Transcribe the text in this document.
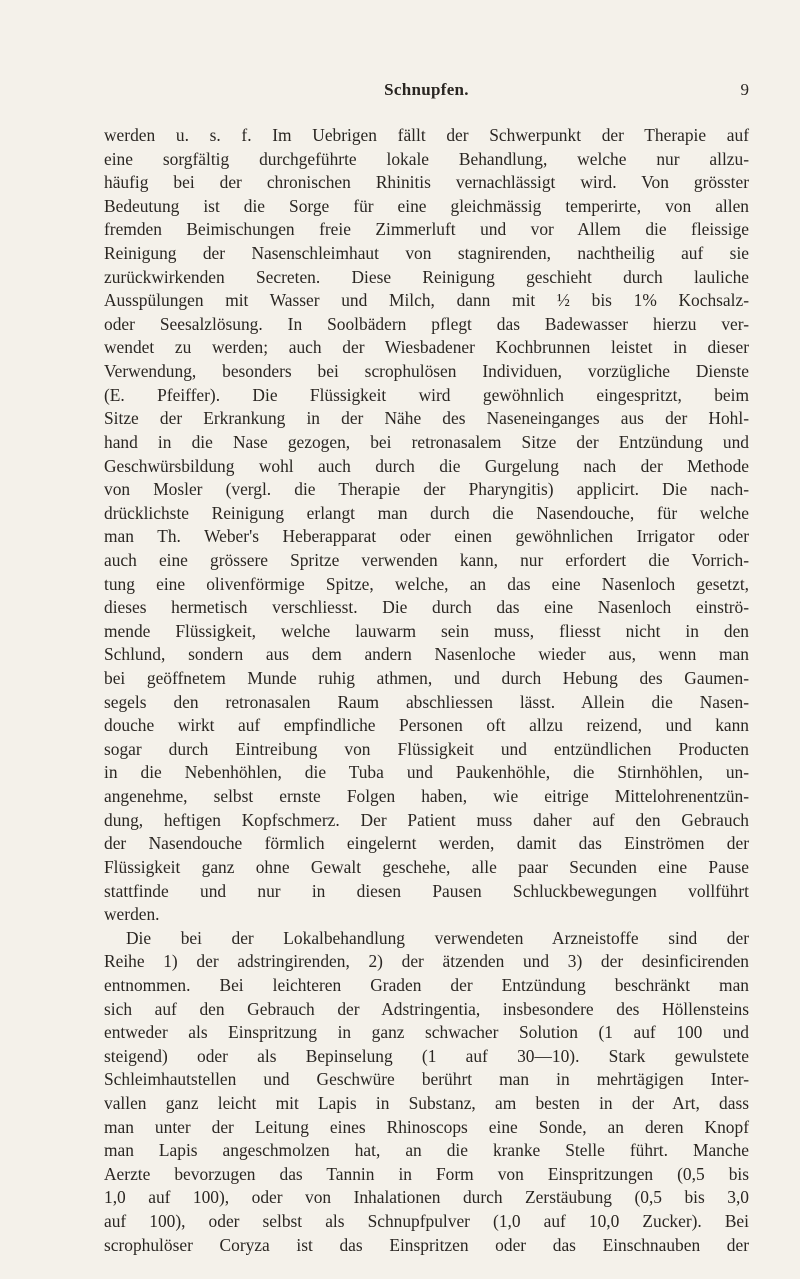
Schnupfen.	9
werden u. s. f. Im Uebrigen fällt der Schwerpunkt der Therapie auf
eine sorgfältig durchgeführte lokale Behandlung, welche nur allzu-
häufig bei der chronischen Rhinitis vernachlässigt wird. Von grösster
Bedeutung ist die Sorge für eine gleichmässig temperirte, von allen
fremden Beimischungen freie Zimmerluft und vor Allem die fleissige
Reinigung der Nasenschleimhaut von stagnirenden, nachtheilig auf sie
zurückwirkenden Secreten. Diese Reinigung geschieht durch lauliche
Ausspülungen mit Wasser und Milch, dann mit ½ bis 1% Kochsalz-
oder Seesalzlösung. In Soolbädern pflegt das Badewasser hierzu ver-
wendet zu werden; auch der Wiesbadener Kochbrunnen leistet in dieser
Verwendung, besonders bei scrophulösen Individuen, vorzügliche Dienste
(E. Pfeiffer). Die Flüssigkeit wird gewöhnlich eingespritzt, beim
Sitze der Erkrankung in der Nähe des Naseneinganges aus der Hohl-
hand in die Nase gezogen, bei retronasalem Sitze der Entzündung und
Geschwürsbildung wohl auch durch die Gurgelung nach der Methode
von Mosler (vergl. die Therapie der Pharyngitis) applicirt. Die nach-
drücklichste Reinigung erlangt man durch die Nasendouche, für welche
man Th. Weber's Heberapparat oder einen gewöhnlichen Irrigator oder
auch eine grössere Spritze verwenden kann, nur erfordert die Vorrich-
tung eine olivenförmige Spitze, welche, an das eine Nasenloch gesetzt,
dieses hermetisch verschliesst. Die durch das eine Nasenloch einströ-
mende Flüssigkeit, welche lauwarm sein muss, fliesst nicht in den
Schlund, sondern aus dem andern Nasenloche wieder aus, wenn man
bei geöffnetem Munde ruhig athmen, und durch Hebung des Gaumen-
segels den retronasalen Raum abschliessen lässt. Allein die Nasen-
douche wirkt auf empfindliche Personen oft allzu reizend, und kann
sogar durch Eintreibung von Flüssigkeit und entzündlichen Producten
in die Nebenhöhlen, die Tuba und Paukenhöhle, die Stirnhöhlen, un-
angenehme, selbst ernste Folgen haben, wie eitrige Mittelohrenentzün-
dung, heftigen Kopfschmerz. Der Patient muss daher auf den Gebrauch
der Nasendouche förmlich eingelernt werden, damit das Einströmen der
Flüssigkeit ganz ohne Gewalt geschehe, alle paar Secunden eine Pause
stattfinde und nur in diesen Pausen Schluckbewegungen vollführt
werden.
Die bei der Lokalbehandlung verwendeten Arzneistoffe sind der
Reihe 1) der adstringirenden, 2) der ätzenden und 3) der desinficirenden
entnommen. Bei leichteren Graden der Entzündung beschränkt man
sich auf den Gebrauch der Adstringentia, insbesondere des Höllensteins
entweder als Einspritzung in ganz schwacher Solution (1 auf 100 und
steigend) oder als Bepinselung (1 auf 30—10). Stark gewulstete
Schleimhautstellen und Geschwüre berührt man in mehrtägigen Inter-
vallen ganz leicht mit Lapis in Substanz, am besten in der Art, dass
man unter der Leitung eines Rhinoscops eine Sonde, an deren Knopf
man Lapis angeschmolzen hat, an die kranke Stelle führt. Manche
Aerzte bevorzugen das Tannin in Form von Einspritzungen (0,5 bis
1,0 auf 100), oder von Inhalationen durch Zerstäubung (0,5 bis 3,0
auf 100), oder selbst als Schnupfpulver (1,0 auf 10,0 Zucker). Bei
scrophulöser Coryza ist das Einspritzen oder das Einschnauben der
